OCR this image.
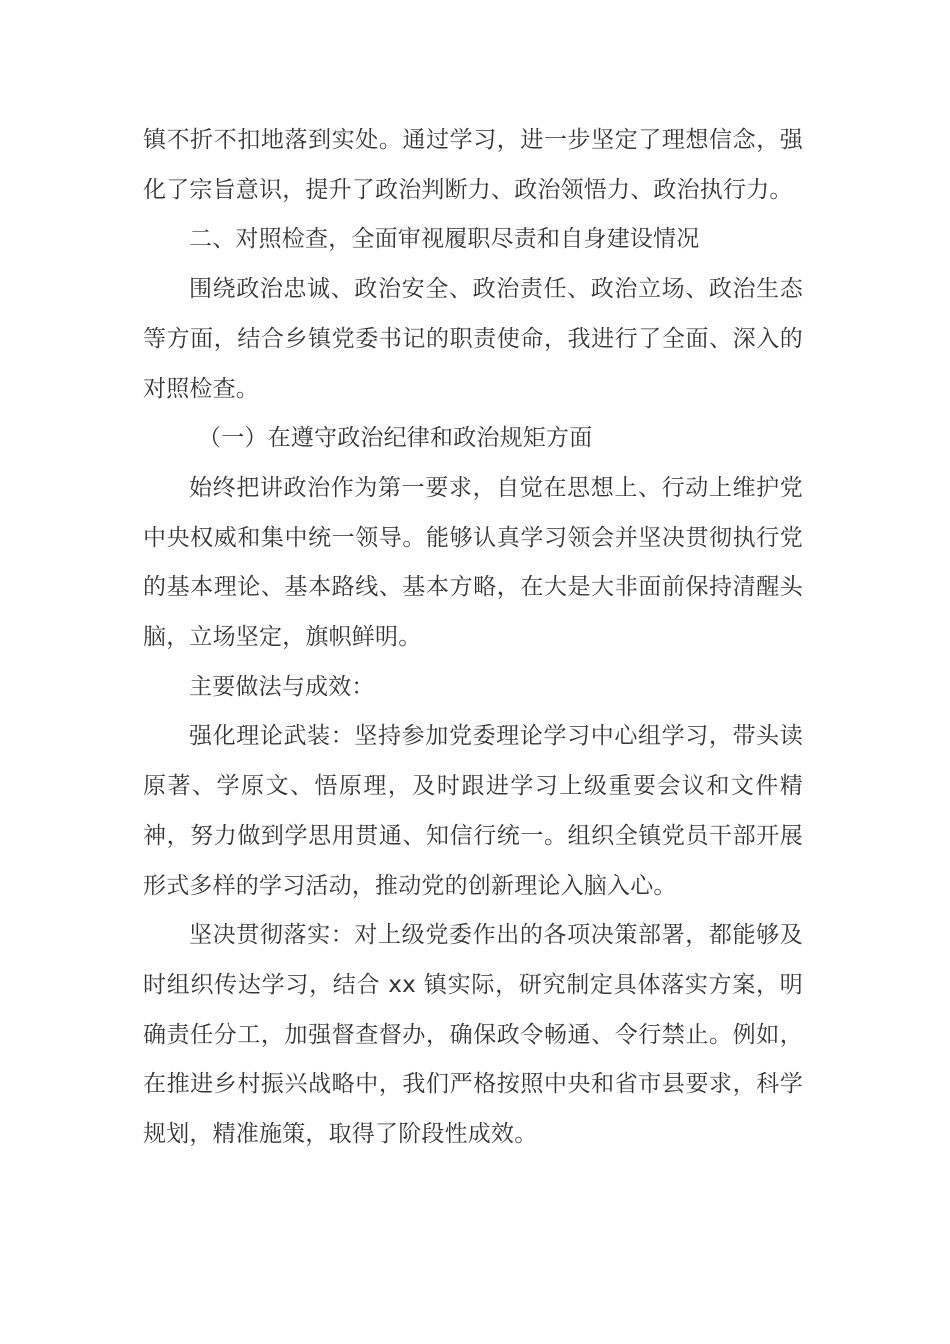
镇不折不扣地落到实处。通过学习，进一步坚定了理想信念，强化了宗旨意识，提升了政治判断力、政治领悟力、政治执行力。

二、对照检查，全面审视履职尽责和自身建设情况

围绕政治忠诚、政治安全、政治责任、政治立场、政治生态等方面，结合乡镇党委书记的职责使命，我进行了全面、深入的对照检查。

（一）在遵守政治纪律和政治规矩方面

始终把讲政治作为第一要求，自觉在思想上、行动上维护党中央权威和集中统一领导。能够认真学习领会并坚决贯彻执行党的基本理论、基本路线、基本方略，在大是大非面前保持清醒头脑，立场坚定，旗帜鲜明。

主要做法与成效：

强化理论武装：坚持参加党委理论学习中心组学习，带头读原著、学原文、悟原理，及时跟进学习上级重要会议和文件精神，努力做到学思用贯通、知信行统一。组织全镇党员干部开展形式多样的学习活动，推动党的创新理论入脑入心。

坚决贯彻落实：对上级党委作出的各项决策部署，都能够及时组织传达学习，结合 xx 镇实际，研究制定具体落实方案，明确责任分工，加强督查督办，确保政令畅通、令行禁止。例如，在推进乡村振兴战略中，我们严格按照中央和省市县要求，科学规划，精准施策，取得了阶段性成效。
